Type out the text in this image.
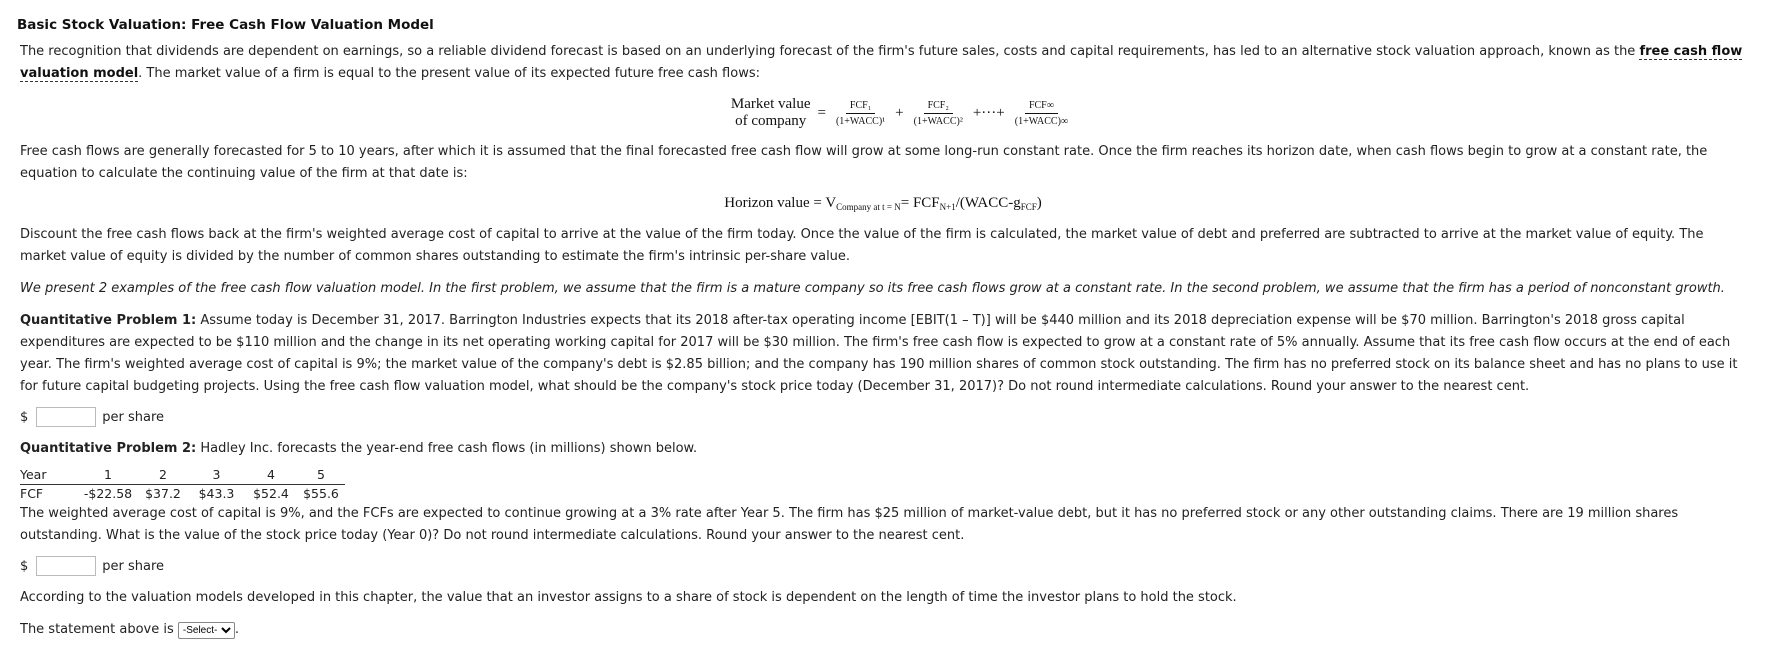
Basic Stock Valuation: Free Cash Flow Valuation Model

The recognition that dividends are dependent on earnings, so a reliable dividend forecast is based on an underlying forecast of the firm's future sales, costs and capital requirements, has led to an alternative stock valuation approach, known as the free cash flow valuation model. The market value of a firm is equal to the present value of its expected future free cash flows:

Market value
of company
= $\frac{\text{FCF₁}}{\text{(1+WACC)¹}} + \frac{\text{FCF₂}}{\text{(1+WACC)²}}$ +···+ $\frac{\text{FCF∞}}{\text{(1+WACC)∞}}$

Free cash flows are generally forecasted for 5 to 10 years, after which it is assumed that the final forecasted free cash flow will grow at some long-run constant rate. Once the firm reaches its horizon date, when cash flows begin to grow at a constant rate, the equation to calculate the continuing value of the firm at that date is:

Horizon value = $V_{Company at t = N}=$ $FCF_{N+1}/(WACC-g_{FCF})$

Discount the free cash flows back at the firm's weighted average cost of capital to arrive at the value of the firm today. Once the value of the firm is calculated, the market value of debt and preferred are subtracted to arrive at the market value of equity. The market value of equity is divided by the number of common shares outstanding to estimate the firm's intrinsic per-share value.

We present 2 examples of the free cash flow valuation model. In the first problem, we assume that the firm is a mature company so its free cash flows grow at a constant rate. In the second problem, we assume that the firm has a period of nonconstant growth.

Quantitative Problem 1: Assume today is December 31, 2017. Barrington Industries expects that its 2018 after-tax operating income [EBIT(1 – T)] will be $440 million and its 2018 depreciation expense will be $70 million. Barrington's 2018 gross capital expenditures are expected to be $110 million and the change in its net operating working capital for 2017 will be $30 million. The firm's free cash flow is expected to grow at a constant rate of 5% annually. Assume that its free cash flow occurs at the end of each year. The firm's weighted average cost of capital is 9%; the market value of the company's debt is $2.85 billion; and the company has 190 million shares of common stock outstanding. The firm has no preferred stock on its balance sheet and has no plans to use it for future capital budgeting projects. Using the free cash flow valuation model, what should be the company's stock price today (December 31, 2017)? Do not round intermediate calculations. Round your answer to the nearest cent.

$	per share

Quantitative Problem 2: Hadley Inc. forecasts the year-end free cash flows (in millions) shown below.

Year	1	2	3	4	5
FCF	-$22.58	$37.2	$43.3	$52.4	$55.6

The weighted average cost of capital is 9%, and the FCFs are expected to continue growing at a 3% rate after Year 5. The firm has $25 million of market-value debt, but it has no preferred stock or any other outstanding claims. There are 19 million shares outstanding. What is the value of the stock price today (Year 0)? Do not round intermediate calculations. Round your answer to the nearest cent.

$	per share

According to the valuation models developed in this chapter, the value that an investor assigns to a share of stock is dependent on the length of time the investor plans to hold the stock.

The statement above is
-Select-	.
